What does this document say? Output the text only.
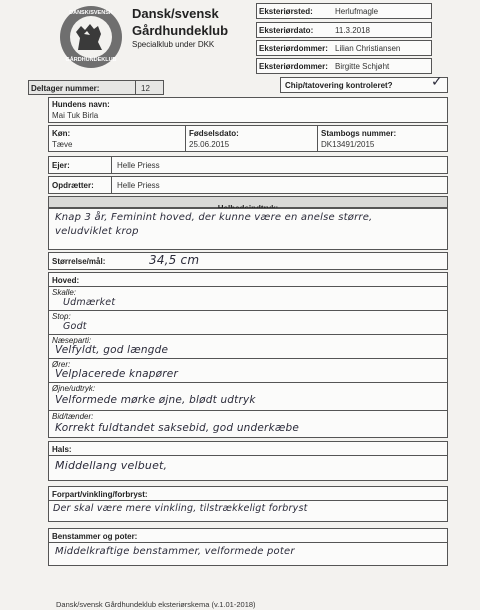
DANSK/SVENSK
GÅRDHUNDEKLUB
Dansk/svensk
Gårdhundeklub
Specialklub under DKK
Eksteriørsted:	Herlufmagle
Eksteriørdato:	11.3.2018
Eksteriørdommer: Lilian Christiansen
Eksteriørdommer: Birgitte Schjøht
Deltager nummer:	12	Chip/tatovering kontroleret?	✓
Hundens navn:
Mai Tuk Birla
Køn:
Tæve
Fødselsdato:
25.06.2015
Stambogs nummer:
DK13491/2015
Ejer:	Helle Priess
Opdrætter:	Helle Priess
Knap 3 år, Feminint hoved, der kunne være en anelse større, veludviklet krop
Størrelse/mål:	34,5 cm
Hoved:
Skalle:
Udmærket
Stop:
Godt
Næseparti:
Velfyldt, god længde
Ører:
Velplacerede knapører
Øjne/udtryk:
Velformede mørke øjne, blødt udtryk
Bid/tænder:
Korrekt fuldtandet saksebid, god underkæbe
Hals:
Middellang velbuet,
Forpart/vinkling/forbryst:
Der skal være mere vinkling, tilstrækkeligt forbryst
Benstammer og poter:
Middelkraftige benstammer, velformede poter
Dansk/svensk Gårdhundeklub eksteriørskema (v.1.01-2018)
